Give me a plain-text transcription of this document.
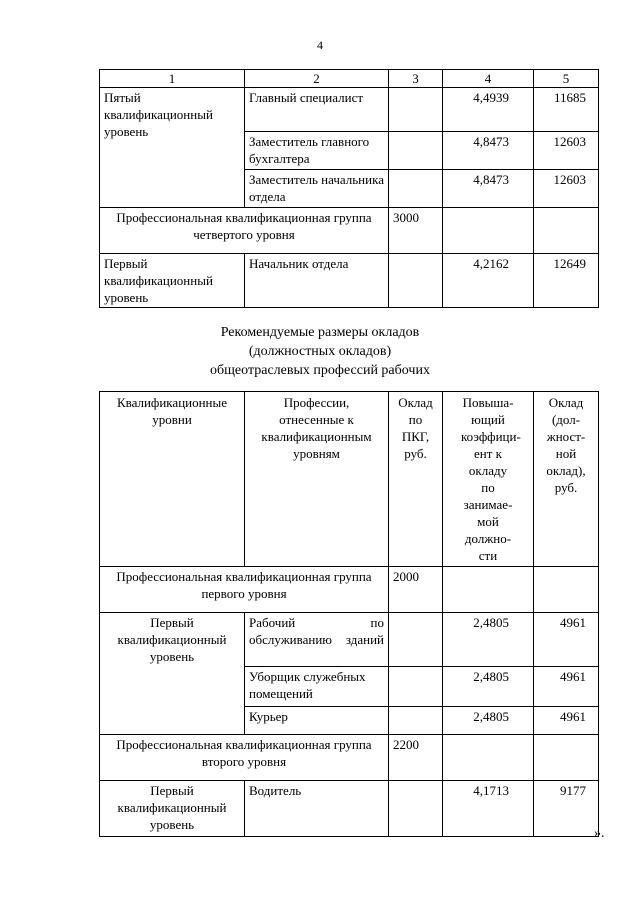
4
1	2	3	4	5
Пятый квалификационный уровень	Главный специалист		4,4939	11685
	Заместитель главного бухгалтера		4,8473	12603
	Заместитель начальника отдела		4,8473	12603
Профессиональная квалификационная группа четвертого уровня		3000		
Первый квалификационный уровень	Начальник отдела		4,2162	12649
Рекомендуемые размеры окладов
(должностных окладов)
общеотраслевых профессий рабочих
Квалификационные уровни	Профессии, отнесенные к квалификационным уровням	Оклад по ПКГ, руб.	Повыша-ющий коэффици-ент к окладу по занимае-мой должно-сти	Оклад (дол-жност-ной оклад), руб.
Профессиональная квалификационная группа первого уровня		2000		
Первый квалификационный уровень	Рабочий по обслуживанию зданий		2,4805	4961
	Уборщик служебных помещений		2,4805	4961
	Курьер		2,4805	4961
Профессиональная квалификационная группа второго уровня		2200		
Первый квалификационный уровень	Водитель		4,1713	9177
».
